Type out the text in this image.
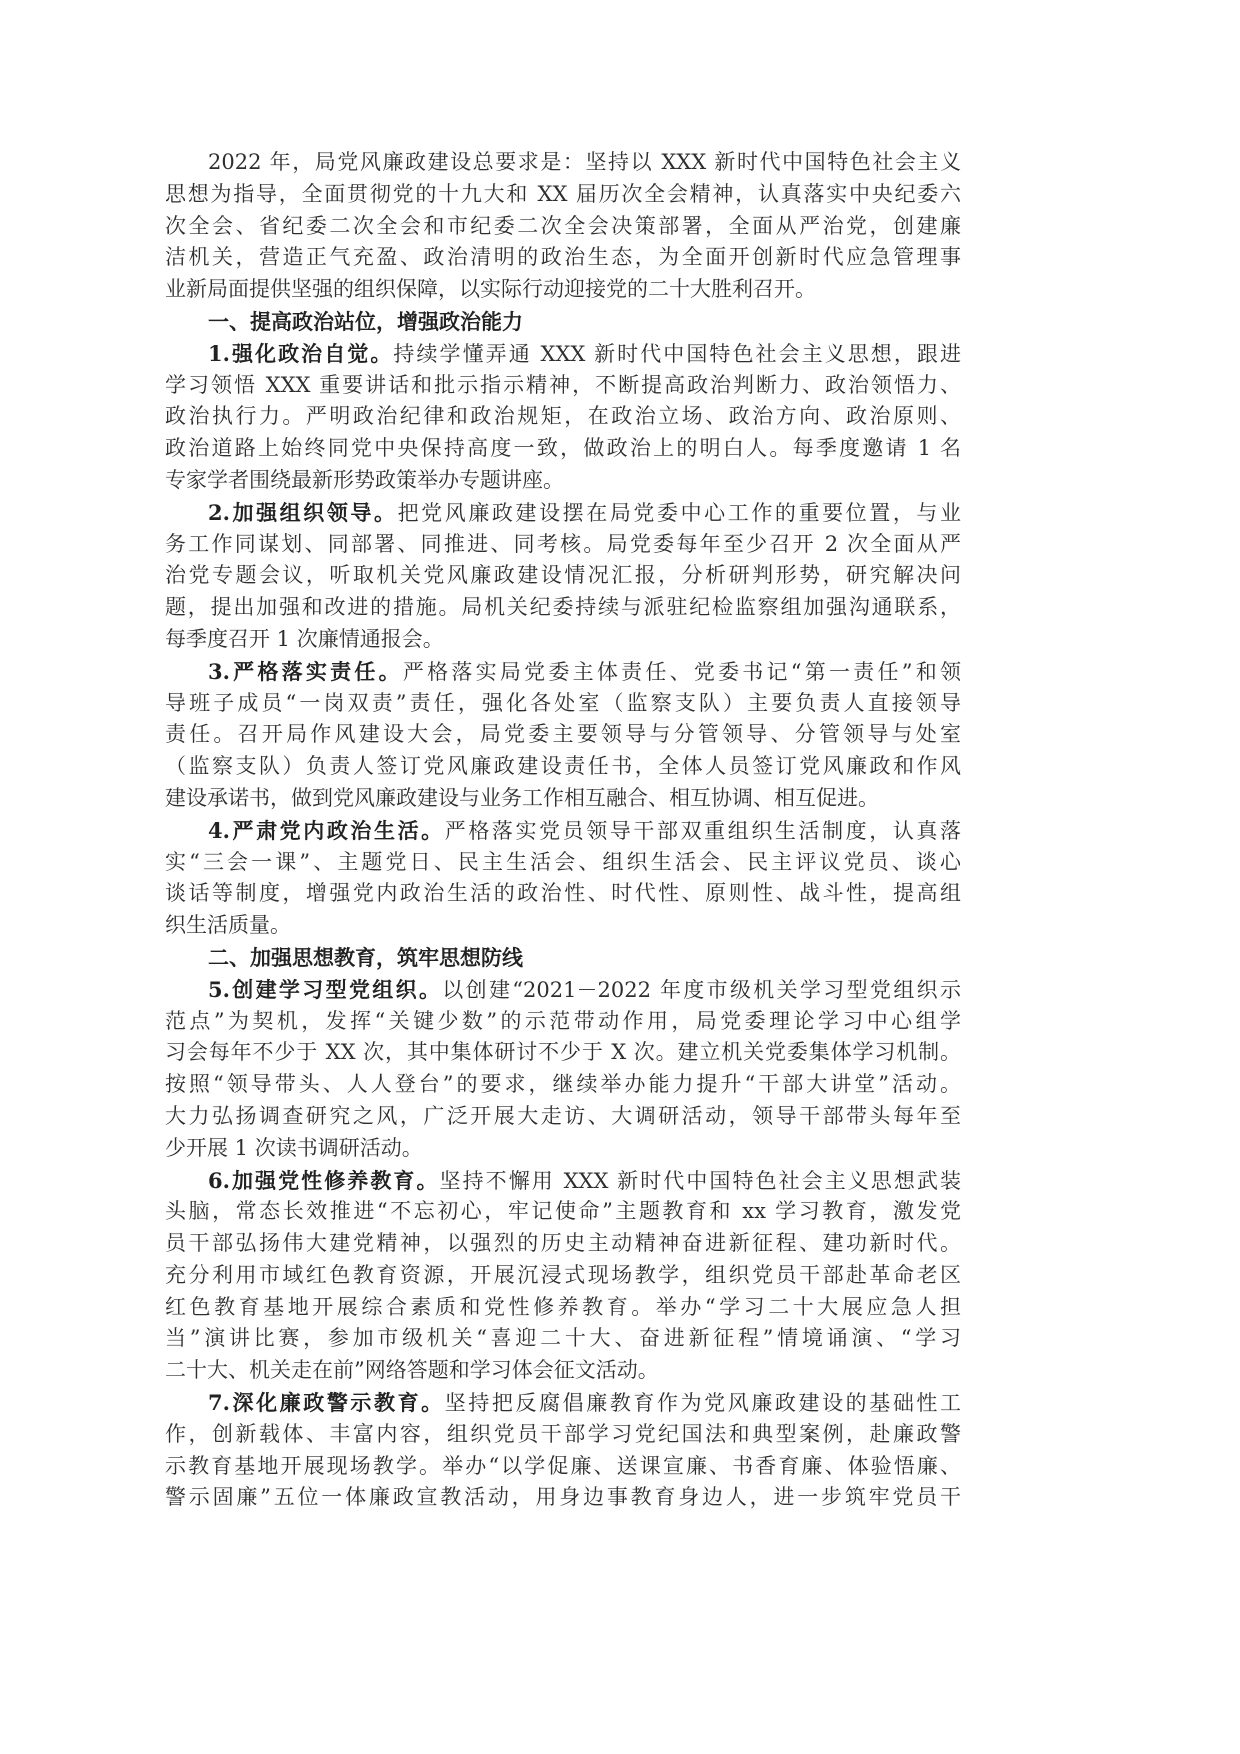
2022 年，局党风廉政建设总要求是：坚持以 XXX 新时代中国特色社会主义
思想为指导，全面贯彻党的十九大和 XX 届历次全会精神，认真落实中央纪委六
次全会、省纪委二次全会和市纪委二次全会决策部署，全面从严治党，创建廉
洁机关，营造正气充盈、政治清明的政治生态，为全面开创新时代应急管理事
业新局面提供坚强的组织保障，以实际行动迎接党的二十大胜利召开。
一、提高政治站位，增强政治能力
1.强化政治自觉。持续学懂弄通 XXX 新时代中国特色社会主义思想，跟进
学习领悟 XXX 重要讲话和批示指示精神，不断提高政治判断力、政治领悟力、
政治执行力。严明政治纪律和政治规矩，在政治立场、政治方向、政治原则、
政治道路上始终同党中央保持高度一致，做政治上的明白人。每季度邀请 1 名
专家学者围绕最新形势政策举办专题讲座。
2.加强组织领导。把党风廉政建设摆在局党委中心工作的重要位置，与业
务工作同谋划、同部署、同推进、同考核。局党委每年至少召开 2 次全面从严
治党专题会议，听取机关党风廉政建设情况汇报，分析研判形势，研究解决问
题，提出加强和改进的措施。局机关纪委持续与派驻纪检监察组加强沟通联系，
每季度召开 1 次廉情通报会。
3.严格落实责任。严格落实局党委主体责任、党委书记“第一责任”和领
导班子成员“一岗双责”责任，强化各处室（监察支队）主要负责人直接领导
责任。召开局作风建设大会，局党委主要领导与分管领导、分管领导与处室
（监察支队）负责人签订党风廉政建设责任书，全体人员签订党风廉政和作风
建设承诺书，做到党风廉政建设与业务工作相互融合、相互协调、相互促进。
4.严肃党内政治生活。严格落实党员领导干部双重组织生活制度，认真落
实“三会一课”、主题党日、民主生活会、组织生活会、民主评议党员、谈心
谈话等制度，增强党内政治生活的政治性、时代性、原则性、战斗性，提高组
织生活质量。
二、加强思想教育，筑牢思想防线
5.创建学习型党组织。以创建“2021－2022 年度市级机关学习型党组织示
范点”为契机，发挥“关键少数”的示范带动作用，局党委理论学习中心组学
习会每年不少于 XX 次，其中集体研讨不少于 X 次。建立机关党委集体学习机制。
按照“领导带头、人人登台”的要求，继续举办能力提升“干部大讲堂”活动。
大力弘扬调查研究之风，广泛开展大走访、大调研活动，领导干部带头每年至
少开展 1 次读书调研活动。
6.加强党性修养教育。坚持不懈用 XXX 新时代中国特色社会主义思想武装
头脑，常态长效推进“不忘初心，牢记使命”主题教育和 xx 学习教育，激发党
员干部弘扬伟大建党精神，以强烈的历史主动精神奋进新征程、建功新时代。
充分利用市域红色教育资源，开展沉浸式现场教学，组织党员干部赴革命老区
红色教育基地开展综合素质和党性修养教育。举办“学习二十大展应急人担
当”演讲比赛，参加市级机关“喜迎二十大、奋进新征程”情境诵演、“学习
二十大、机关走在前”网络答题和学习体会征文活动。
7.深化廉政警示教育。坚持把反腐倡廉教育作为党风廉政建设的基础性工
作，创新载体、丰富内容，组织党员干部学习党纪国法和典型案例，赴廉政警
示教育基地开展现场教学。举办“以学促廉、送课宣廉、书香育廉、体验悟廉、
警示固廉”五位一体廉政宣教活动，用身边事教育身边人，进一步筑牢党员干
